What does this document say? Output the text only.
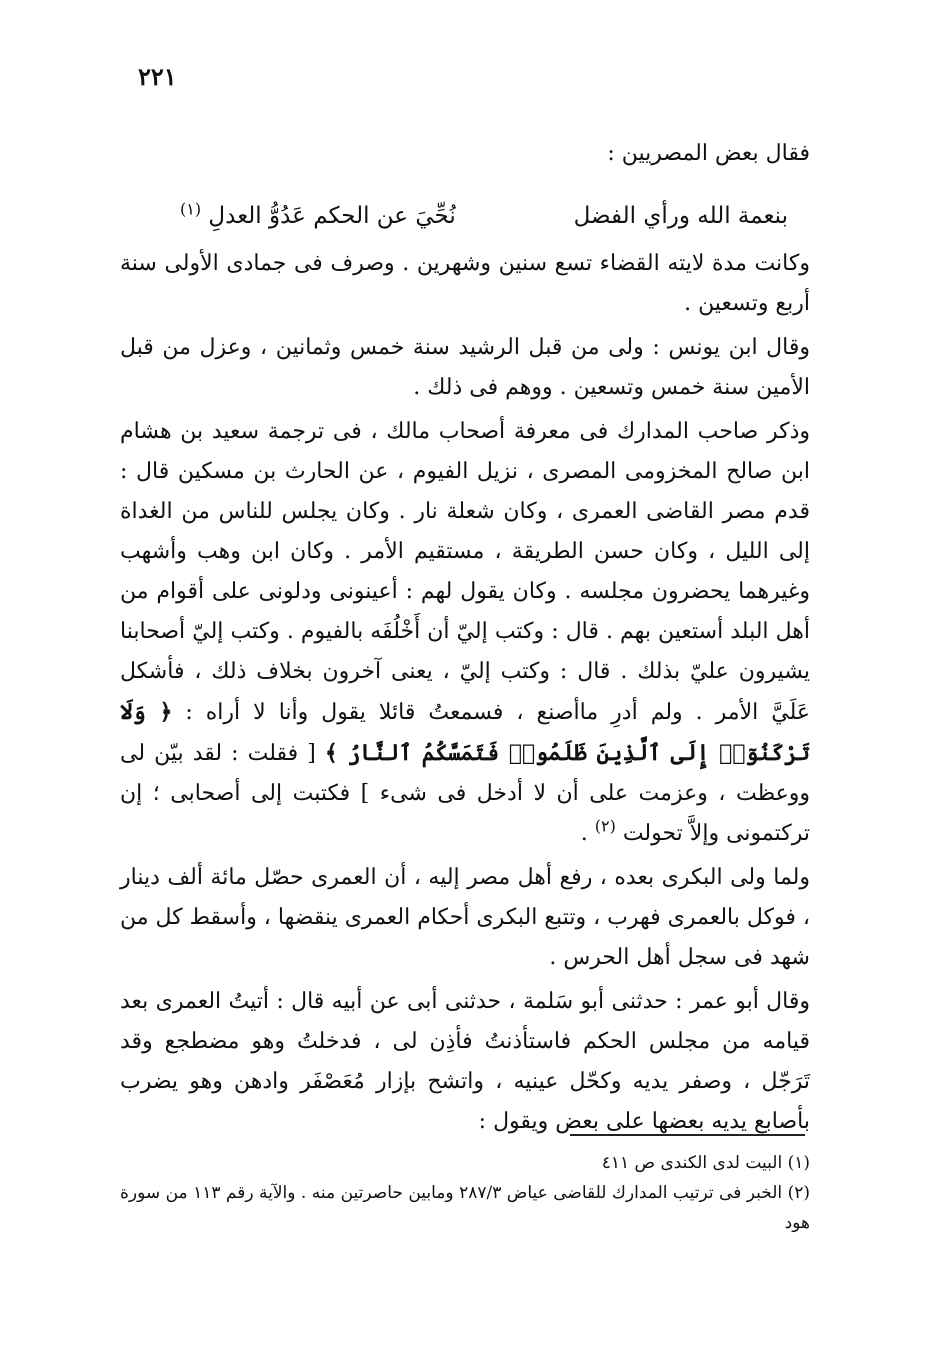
٢٢١

فقال بعض المصريين :

بنعمة الله ورأي الفضل
نُحِّيَ عن الحكم عَدُوُّ العدلِ $^{(١)}$

وكانت مدة لايته القضاء تسع سنين وشهرين . وصرف فى جمادى الأولى سنة أربع وتسعين .

وقال ابن يونس : ولى من قبل الرشيد سنة خمس وثمانين ، وعزل من قبل الأمين سنة خمس وتسعين . ووهم فى ذلك .

وذكر صاحب المدارك فى معرفة أصحاب مالك ، فى ترجمة سعيد بن هشام ابن صالح المخزومى المصرى ، نزيل الفيوم ، عن الحارث بن مسكين قال : قدم مصر القاضى العمرى ، وكان شعلة نار . وكان يجلس للناس من الغداة إلى الليل ، وكان حسن الطريقة ، مستقيم الأمر . وكان ابن وهب وأشهب وغيرهما يحضرون مجلسه . وكان يقول لهم : أعينونى ودلونى على أقوام من أهل البلد أستعين بهم . قال : وكتب إليّ أن أَخْلُفَه بالفيوم . وكتب إليّ أصحابنا يشيرون عليّ بذلك . قال : وكتب إليّ ، يعنى آخرون بخلاف ذلك ، فأشكل عَلَيَّ الأمر . ولم أدرِ ماأصنع ، فسمعتُ قائلا يقول وأنا لا أراه : ﴿ وَلَا تَرْكَنُوٓا۟ إِلَى ٱلَّذِينَ ظَلَمُوا۟ فَتَمَسَّكُمُ ٱلنَّارُ ﴾ [ فقلت : لقد بيّن لى ووعظت ، وعزمت على أن لا أدخل فى شىء ] فكتبت إلى أصحابى ؛ إن تركتمونى وإلاَّ تحولت $^{(٢)}$ .

ولما ولى البكرى بعده ، رفع أهل مصر إليه ، أن العمرى حصّل مائة ألف دينار ، فوكل بالعمرى فهرب ، وتتبع البكرى أحكام العمرى ينقضها ، وأسقط كل من شهد فى سجل أهل الحرس .

وقال أبو عمر : حدثنى أبو سَلمة ، حدثنى أبى عن أبيه قال : أتيتُ العمرى بعد قيامه من مجلس الحكم فاستأذنتُ فأذِن لى ، فدخلتُ وهو مضطجع وقد تَرَجّل ، وصفر يديه وكحّل عينيه ، واتشح بإزار مُعَصْفَر وادهن وهو يضرب بأصابع يديه بعضها على بعض ويقول :

(١) البيت لدى الكندى ص ٤١١

(٢) الخبر فى ترتيب المدارك للقاضى عياض ٢٨٧/٣ ومابين حاصرتين منه . والآية رقم ١١٣ من سورة هود
